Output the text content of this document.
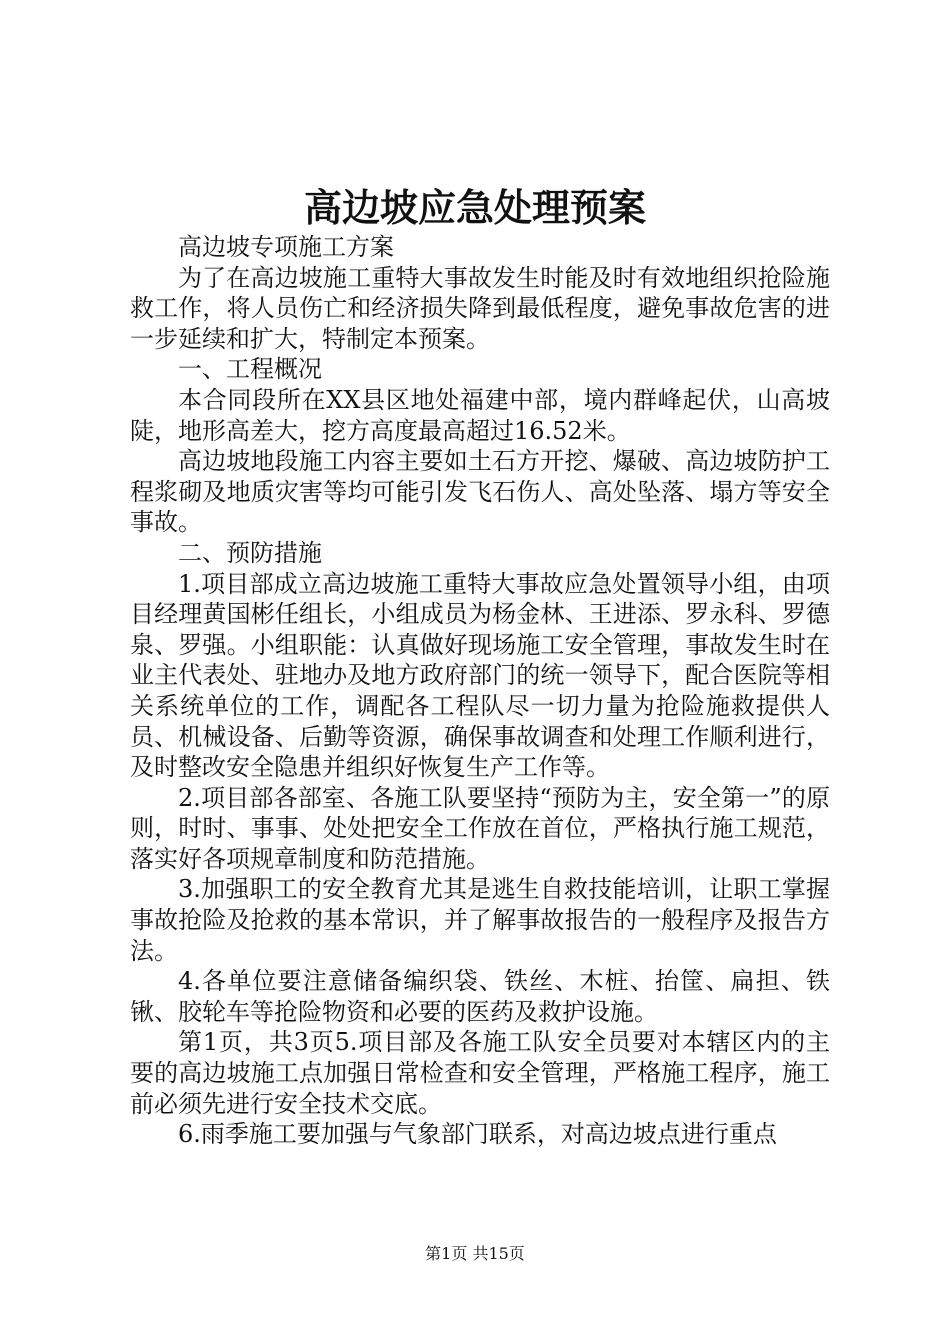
高边坡应急处理预案

高边坡专项施工方案

为了在高边坡施工重特大事故发生时能及时有效地组织抢险施救工作，将人员伤亡和经济损失降到最低程度，避免事故危害的进一步延续和扩大，特制定本预案。

一、工程概况

本合同段所在XX县区地处福建中部，境内群峰起伏，山高坡陡，地形高差大，挖方高度最高超过16.52米。

高边坡地段施工内容主要如土石方开挖、爆破、高边坡防护工程浆砌及地质灾害等均可能引发飞石伤人、高处坠落、塌方等安全事故。

二、预防措施

1.项目部成立高边坡施工重特大事故应急处置领导小组，由项目经理黄国彬任组长，小组成员为杨金林、王进添、罗永科、罗德泉、罗强。小组职能：认真做好现场施工安全管理，事故发生时在业主代表处、驻地办及地方政府部门的统一领导下，配合医院等相关系统单位的工作，调配各工程队尽一切力量为抢险施救提供人员、机械设备、后勤等资源，确保事故调查和处理工作顺利进行，及时整改安全隐患并组织好恢复生产工作等。

2.项目部各部室、各施工队要坚持“预防为主，安全第一”的原则，时时、事事、处处把安全工作放在首位，严格执行施工规范，落实好各项规章制度和防范措施。

3.加强职工的安全教育尤其是逃生自救技能培训，让职工掌握事故抢险及抢救的基本常识，并了解事故报告的一般程序及报告方法。

4.各单位要注意储备编织袋、铁丝、木桩、抬筐、扁担、铁锹、胶轮车等抢险物资和必要的医药及救护设施。

第1页，共3页5.项目部及各施工队安全员要对本辖区内的主要的高边坡施工点加强日常检查和安全管理，严格施工程序，施工前必须先进行安全技术交底。

6.雨季施工要加强与气象部门联系，对高边坡点进行重点

第1页 共15页
